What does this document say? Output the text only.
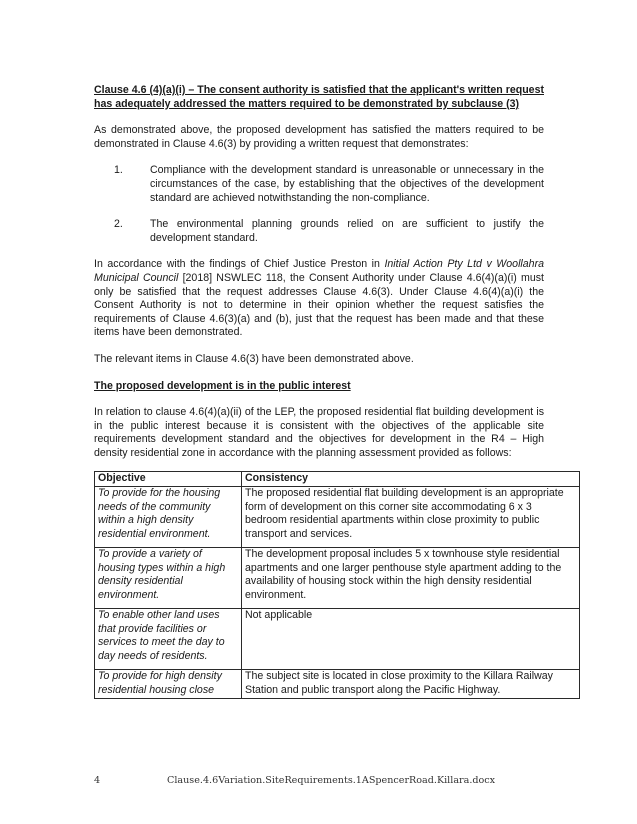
Clause 4.6 (4)(a)(i) – The consent authority is satisfied that the applicant's written request has adequately addressed the matters required to be demonstrated by subclause (3)

As demonstrated above, the proposed development has satisfied the matters required to be demonstrated in Clause 4.6(3) by providing a written request that demonstrates:

1.	Compliance with the development standard is unreasonable or unnecessary in the circumstances of the case, by establishing that the objectives of the development standard are achieved notwithstanding the non-compliance.
2.	The environmental planning grounds relied on are sufficient to justify the development standard.

In accordance with the findings of Chief Justice Preston in Initial Action Pty Ltd v Woollahra Municipal Council [2018] NSWLEC 118, the Consent Authority under Clause 4.6(4)(a)(i) must only be satisfied that the request addresses Clause 4.6(3). Under Clause 4.6(4)(a)(i) the Consent Authority is not to determine in their opinion whether the request satisfies the requirements of Clause 4.6(3)(a) and (b), just that the request has been made and that these items have been demonstrated.

The relevant items in Clause 4.6(3) have been demonstrated above.

The proposed development is in the public interest

In relation to clause 4.6(4)(a)(ii) of the LEP, the proposed residential flat building development is in the public interest because it is consistent with the objectives of the applicable site requirements development standard and the objectives for development in the R4 – High density residential zone in accordance with the planning assessment provided as follows:

Objective	Consistency
To provide for the housing needs of the community within a high density residential environment.	The proposed residential flat building development is an appropriate form of development on this corner site accommodating 6 x 3 bedroom residential apartments within close proximity to public transport and services.
To provide a variety of housing types within a high density residential environment.	The development proposal includes 5 x townhouse style residential apartments and one larger penthouse style apartment adding to the availability of housing stock within the high density residential environment.
To enable other land uses that provide facilities or services to meet the day to day needs of residents.	Not applicable
To provide for high density residential housing close	The subject site is located in close proximity to the Killara Railway Station and public transport along the Pacific Highway.
4	Clause.4.6Variation.SiteRequirements.1ASpencerRoad.Killara.docx
